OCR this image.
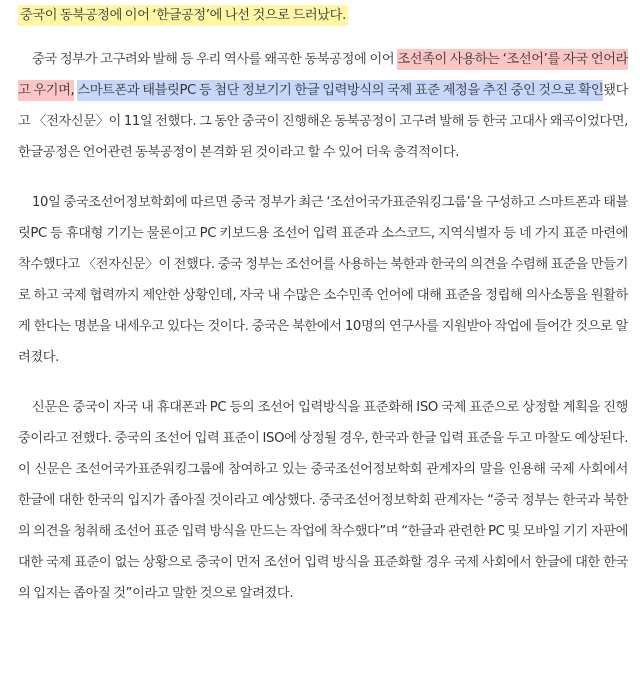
중국이 동북공정에 이어 ‘한글공정’에 나선 것으로 드러났다.

중국 정부가 고구려와 발해 등 우리 역사를 왜곡한 동북공정에 이어 조선족이 사용하는 ‘조선어’를 자국 언어라고 우기며, 스마트폰과 태블릿PC 등 첨단 정보기기 한글 입력방식의 국제 표준 제정을 추진 중인 것으로 확인됐다고 〈전자신문〉이 11일 전했다. 그 동안 중국이 진행해온 동북공정이 고구려 발해 등 한국 고대사 왜곡이었다면, 한글공정은 언어관련 동북공정이 본격화 된 것이라고 할 수 있어 더욱 충격적이다.

10일 중국조선어정보학회에 따르면 중국 정부가 최근 ‘조선어국가표준워킹그룹’을 구성하고 스마트폰과 태블릿PC 등 휴대형 기기는 물론이고 PC 키보드용 조선어 입력 표준과 소스코드, 지역식별자 등 네 가지 표준 마련에 착수했다고 〈전자신문〉이 전했다. 중국 정부는 조선어를 사용하는 북한과 한국의 의견을 수렴해 표준을 만들기로 하고 국제 협력까지 제안한 상황인데, 자국 내 수많은 소수민족 언어에 대해 표준을 정립해 의사소통을 원활하게 한다는 명분을 내세우고 있다는 것이다. 중국은 북한에서 10명의 연구사를 지원받아 작업에 들어간 것으로 알려졌다.

신문은 중국이 자국 내 휴대폰과 PC 등의 조선어 입력방식을 표준화해 ISO 국제 표준으로 상정할 계획을 진행중이라고 전했다. 중국의 조선어 입력 표준이 ISO에 상정될 경우, 한국과 한글 입력 표준을 두고 마찰도 예상된다. 이 신문은 조선어국가표준워킹그룹에 참여하고 있는 중국조선어정보학회 관계자의 말을 인용해 국제 사회에서 한글에 대한 한국의 입지가 좁아질 것이라고 예상했다. 중국조선어정보학회 관계자는 “중국 정부는 한국과 북한의 의견을 청취해 조선어 표준 입력 방식을 만드는 작업에 착수했다”며 “한글과 관련한 PC 및 모바일 기기 자판에 대한 국제 표준이 없는 상황으로 중국이 먼저 조선어 입력 방식을 표준화할 경우 국제 사회에서 한글에 대한 한국의 입지는 좁아질 것”이라고 말한 것으로 알려졌다.
